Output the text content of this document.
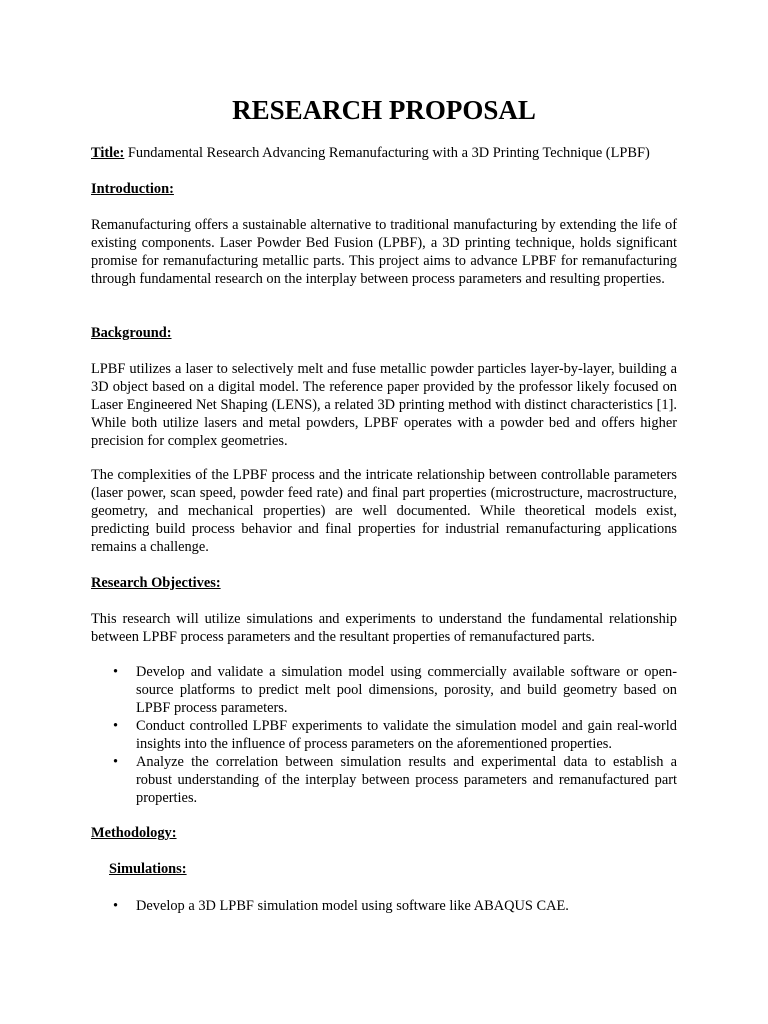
RESEARCH PROPOSAL

Title: Fundamental Research Advancing Remanufacturing with a 3D Printing Technique (LPBF)

Introduction:

Remanufacturing offers a sustainable alternative to traditional manufacturing by extending the life of existing components. Laser Powder Bed Fusion (LPBF), a 3D printing technique, holds significant promise for remanufacturing metallic parts. This project aims to advance LPBF for remanufacturing through fundamental research on the interplay between process parameters and resulting properties.

Background:

LPBF utilizes a laser to selectively melt and fuse metallic powder particles layer-by-layer, building a 3D object based on a digital model. The reference paper provided by the professor likely focused on Laser Engineered Net Shaping (LENS), a related 3D printing method with distinct characteristics [1]. While both utilize lasers and metal powders, LPBF operates with a powder bed and offers higher precision for complex geometries.

The complexities of the LPBF process and the intricate relationship between controllable parameters (laser power, scan speed, powder feed rate) and final part properties (microstructure, macrostructure, geometry, and mechanical properties) are well documented. While theoretical models exist, predicting build process behavior and final properties for industrial remanufacturing applications remains a challenge.

Research Objectives:

This research will utilize simulations and experiments to understand the fundamental relationship between LPBF process parameters and the resultant properties of remanufactured parts.

• Develop and validate a simulation model using commercially available software or open-source platforms to predict melt pool dimensions, porosity, and build geometry based on LPBF process parameters.
• Conduct controlled LPBF experiments to validate the simulation model and gain real-world insights into the influence of process parameters on the aforementioned properties.
• Analyze the correlation between simulation results and experimental data to establish a robust understanding of the interplay between process parameters and remanufactured part properties.

Methodology:

Simulations:

• Develop a 3D LPBF simulation model using software like ABAQUS CAE.
